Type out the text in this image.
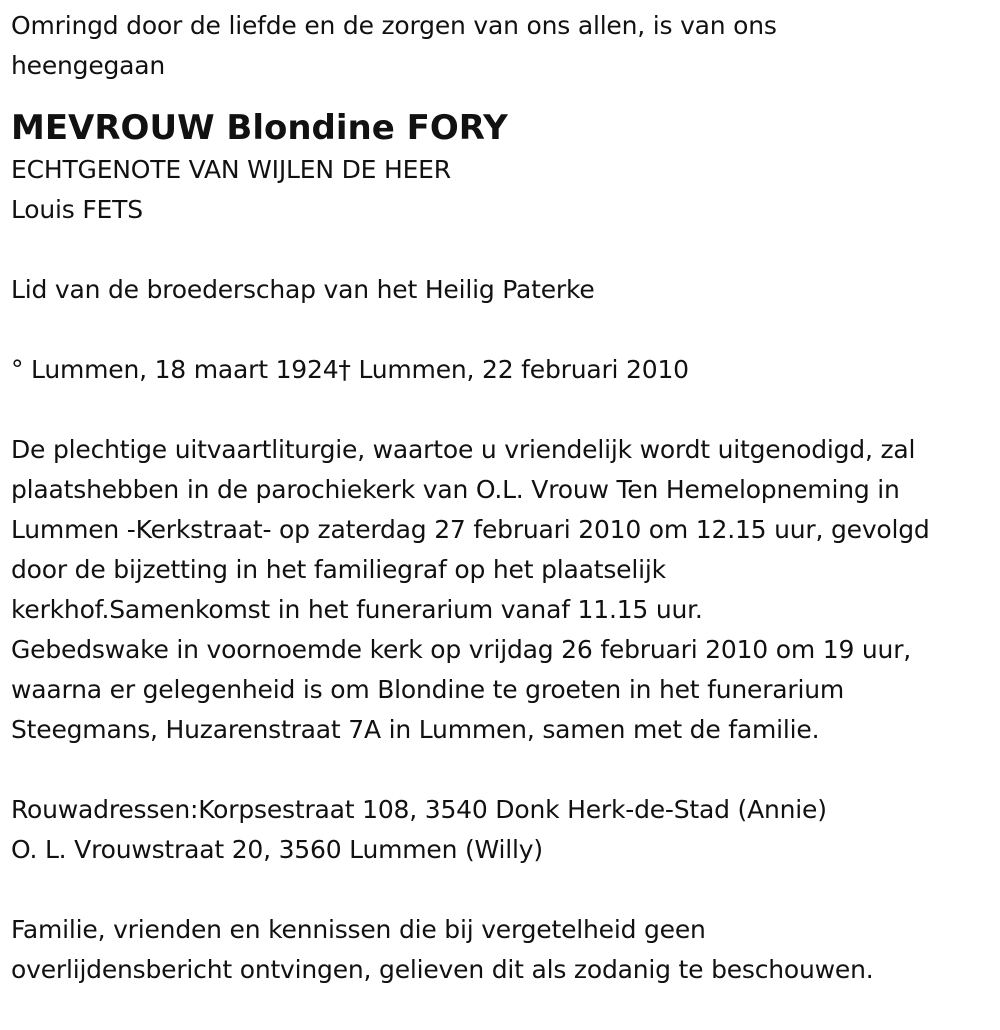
Omringd door de liefde en de zorgen van ons allen, is van ons
heengegaan
MEVROUW Blondine FORY
ECHTGENOTE VAN WIJLEN DE HEER
Louis FETS
Lid van de broederschap van het Heilig Paterke
° Lummen, 18 maart 1924† Lummen, 22 februari 2010
De plechtige uitvaartliturgie, waartoe u vriendelijk wordt uitgenodigd, zal
plaatshebben in de parochiekerk van O.L. Vrouw Ten Hemelopneming in
Lummen -Kerkstraat- op zaterdag 27 februari 2010 om 12.15 uur, gevolgd
door de bijzetting in het familiegraf op het plaatselijk
kerkhof.Samenkomst in het funerarium vanaf 11.15 uur.
Gebedswake in voornoemde kerk op vrijdag 26 februari 2010 om 19 uur,
waarna er gelegenheid is om Blondine te groeten in het funerarium
Steegmans, Huzarenstraat 7A in Lummen, samen met de familie.
Rouwadressen:Korpsestraat 108, 3540 Donk Herk-de-Stad (Annie)
O. L. Vrouwstraat 20, 3560 Lummen (Willy)
Familie, vrienden en kennissen die bij vergetelheid geen
overlijdensbericht ontvingen, gelieven dit als zodanig te beschouwen.
